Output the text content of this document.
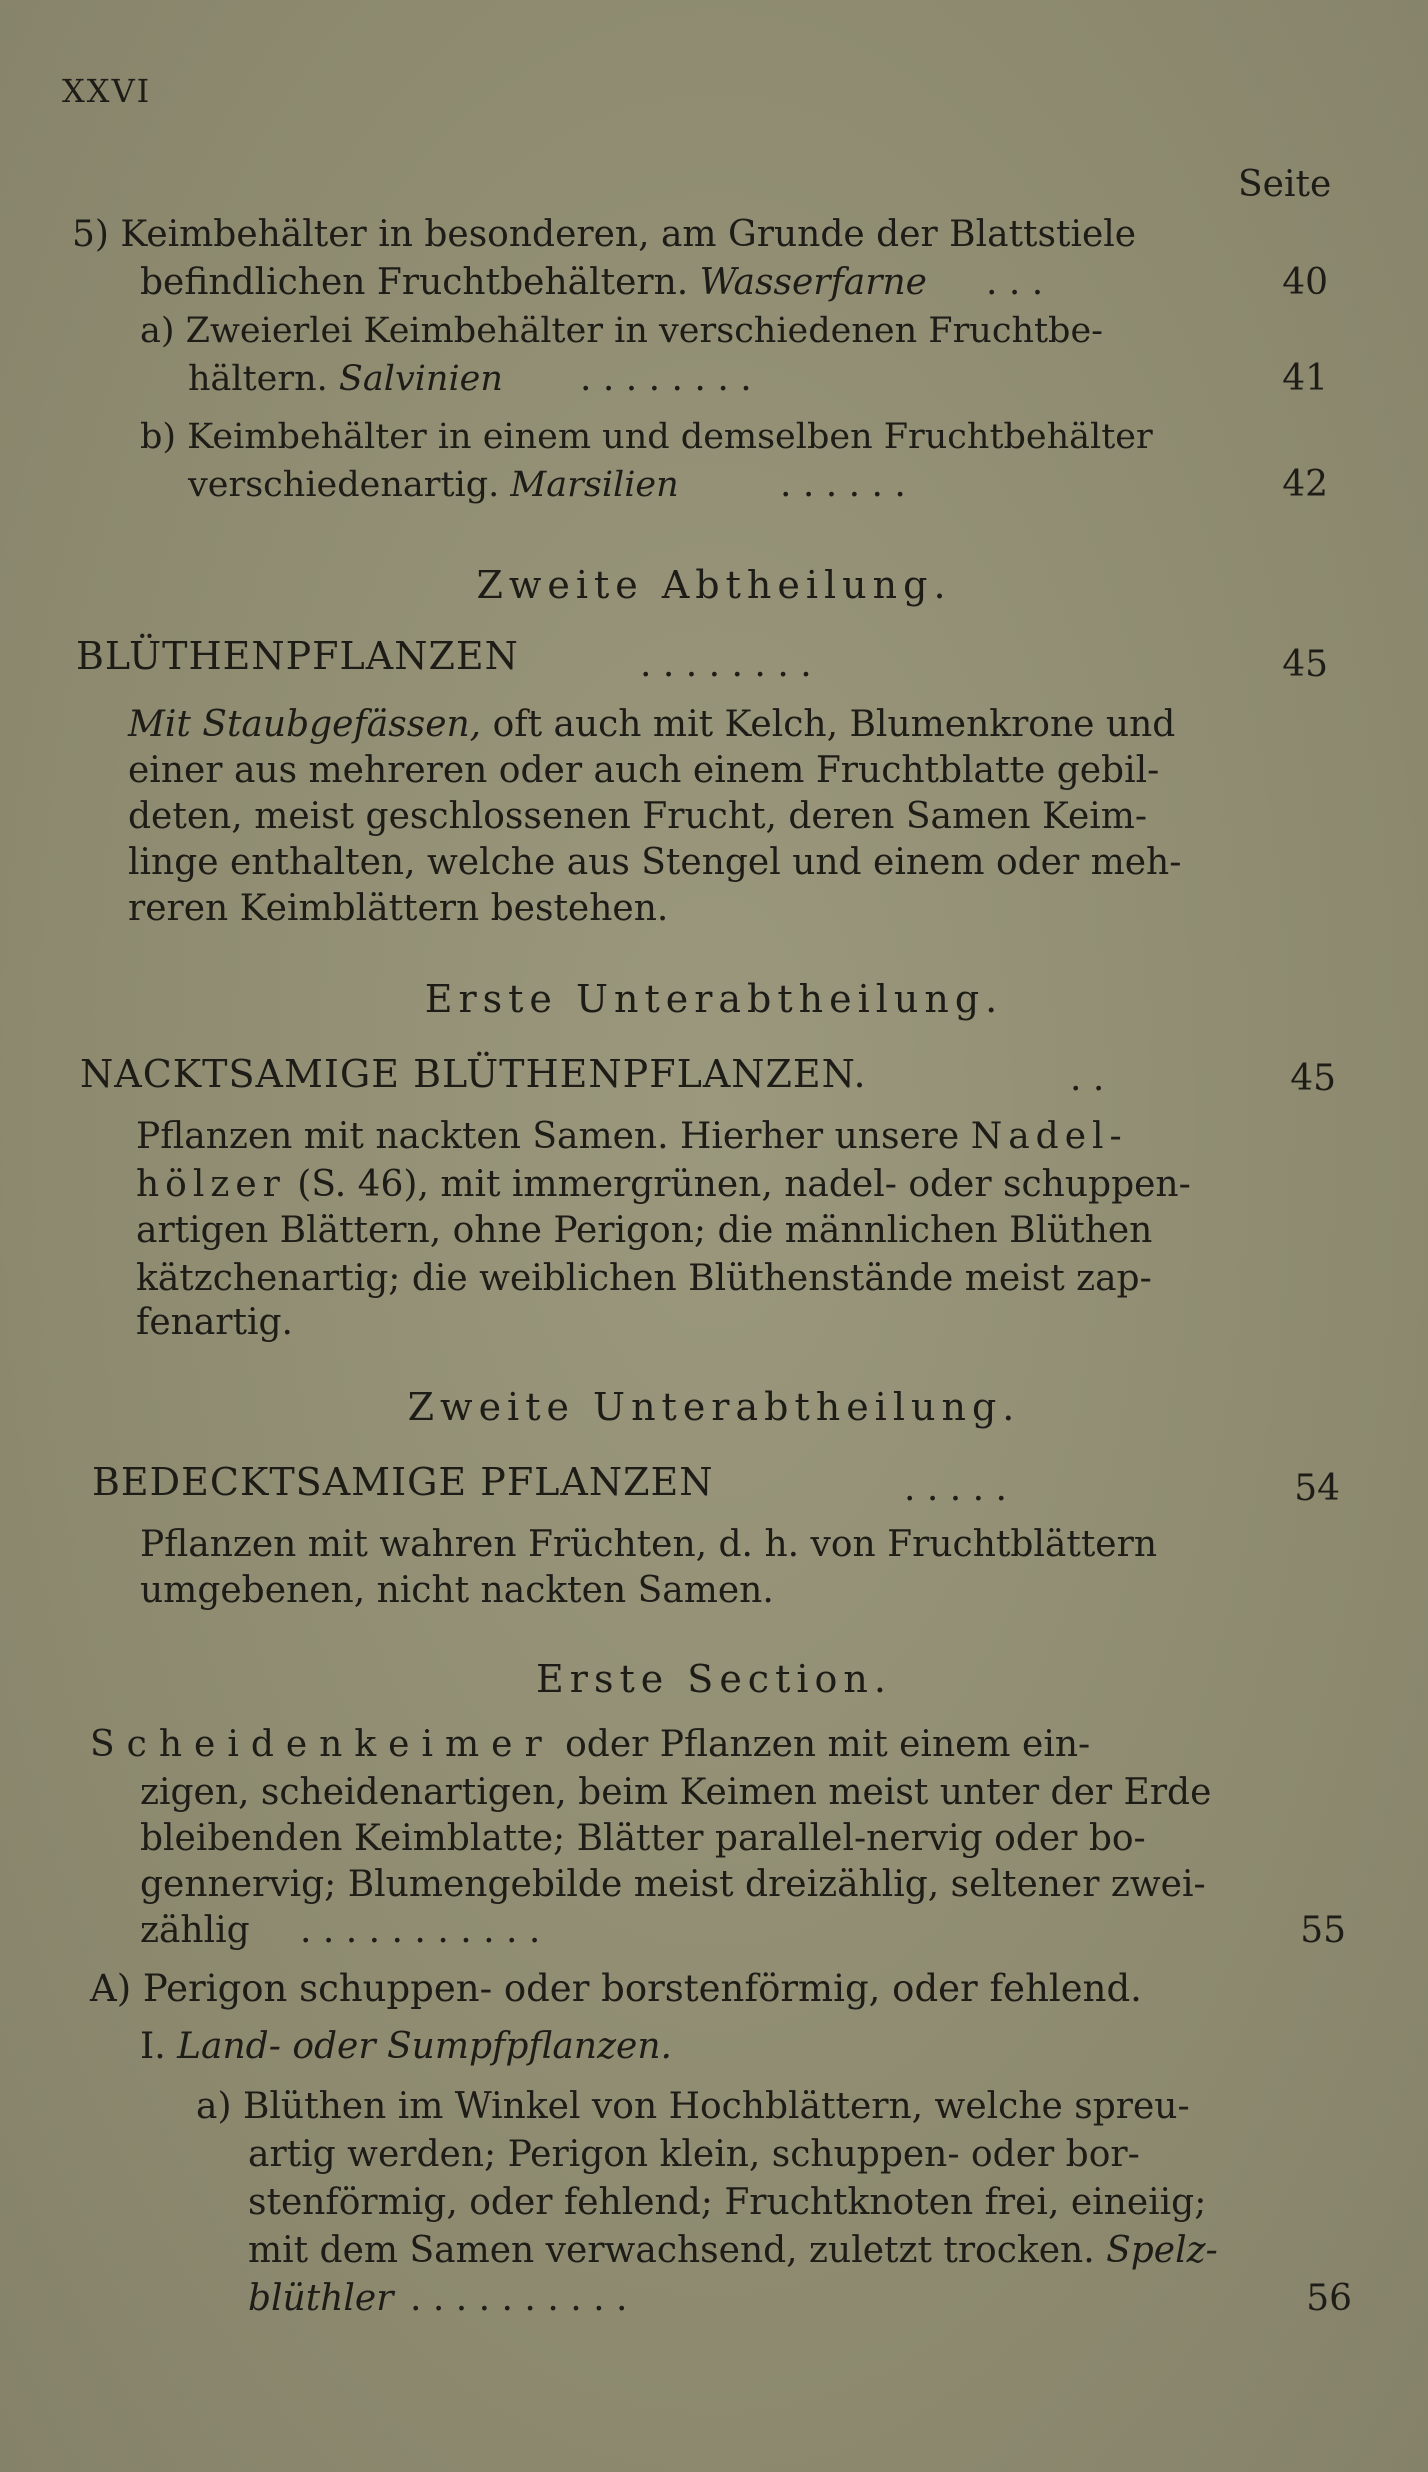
XXVI
Seite
5) Keimbehälter in besonderen, am Grunde der Blattstiele
befindlichen Fruchtbehältern. Wasserfarne . . .	40
a) Zweierlei Keimbehälter in verschiedenen Fruchtbe-
hältern. Salvinien . . . . . . . .	41
b) Keimbehälter in einem und demselben Fruchtbehälter
verschiedenartig. Marsilien	. . . . . .	42
Zweite Abtheilung.
BLÜTHENPFLANZEN	. . . . . . . .	45
Mit Staubgefässen, oft auch mit Kelch, Blumenkrone und
einer aus mehreren oder auch einem Fruchtblatte gebil-
deten, meist geschlossenen Frucht, deren Samen Keim-
linge enthalten, welche aus Stengel und einem oder meh-
reren Keimblättern bestehen.
Erste Unterabtheilung.
NACKTSAMIGE BLÜTHENPFLANZEN.	. .	45
Pflanzen mit nackten Samen. Hierher unsere Nadel-
hölzer (S. 46), mit immergrünen, nadel- oder schuppen-
artigen Blättern, ohne Perigon; die männlichen Blüthen
kätzchenartig; die weiblichen Blüthenstände meist zap-
fenartig.
Zweite Unterabtheilung.
BEDECKTSAMIGE PFLANZEN	. . . . .	54
Pflanzen mit wahren Früchten, d. h. von Fruchtblättern
umgebenen, nicht nackten Samen.
Erste Section.
Scheidenkeimer oder Pflanzen mit einem ein-
zigen, scheidenartigen, beim Keimen meist unter der Erde
bleibenden Keimblatte; Blätter parallel-nervig oder bo-
gennervig; Blumengebilde meist dreizählig, seltener zwei-
zählig . . . . . . . . . . .	55
A) Perigon schuppen- oder borstenförmig, oder fehlend.
I. Land- oder Sumpfpflanzen.
a) Blüthen im Winkel von Hochblättern, welche spreu-
artig werden; Perigon klein, schuppen- oder bor-
stenförmig, oder fehlend; Fruchtknoten frei, eineiig;
mit dem Samen verwachsend, zuletzt trocken. Spelz-
blüthler . . . . . . . . . .	56
